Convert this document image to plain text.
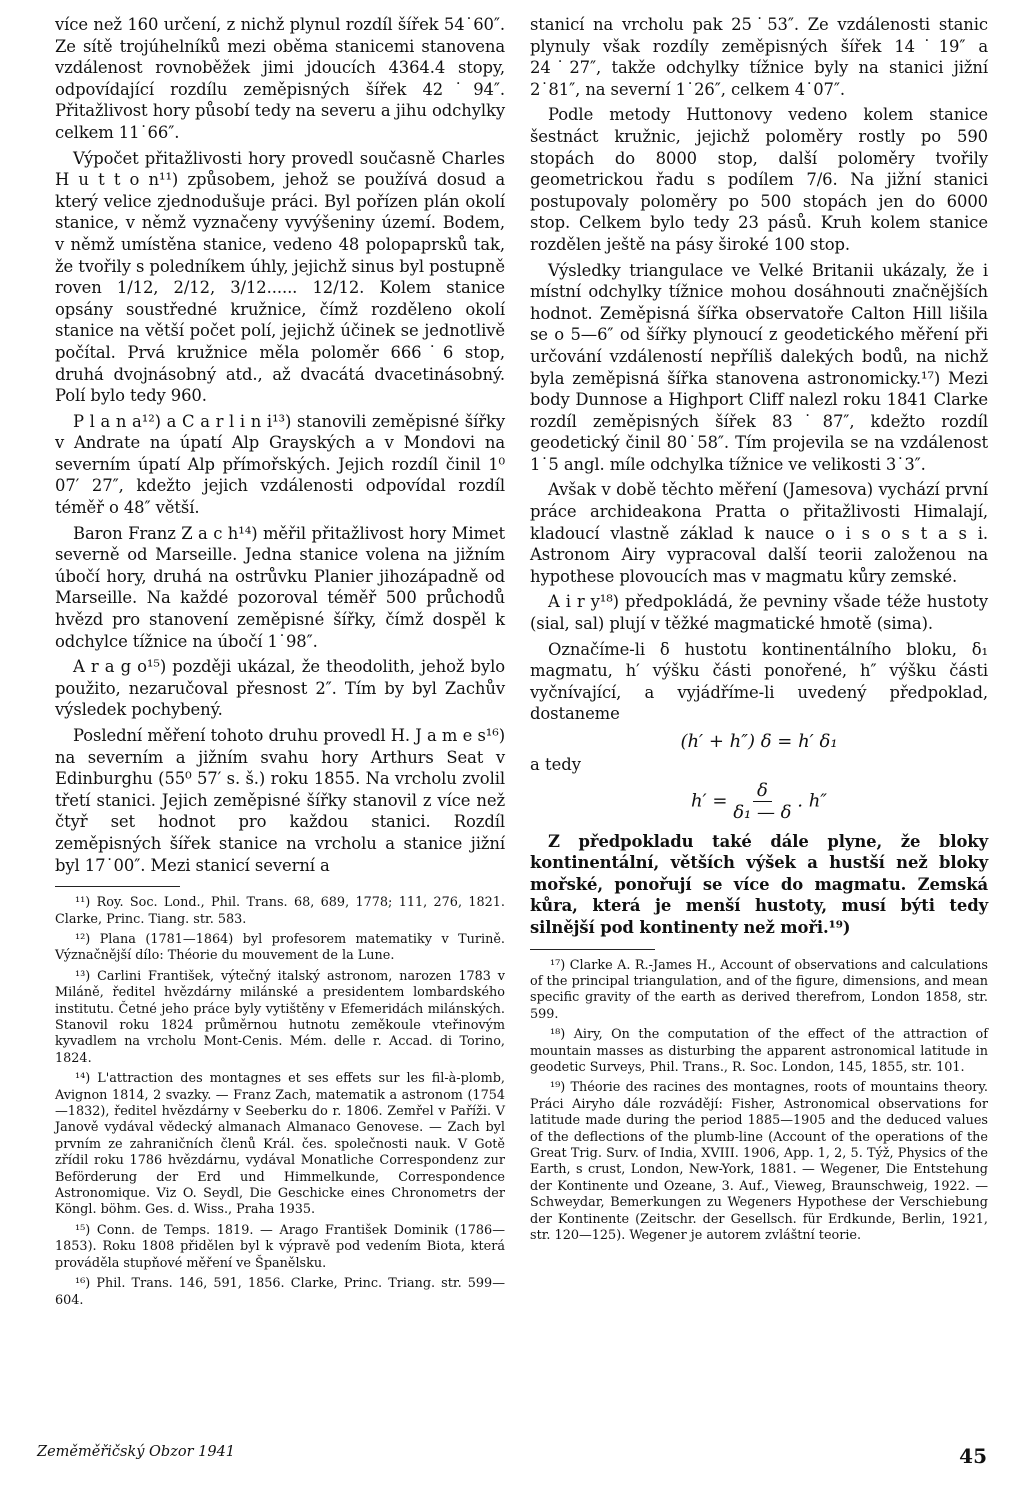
více než 160 určení, z nichž plynul rozdíl šířek 54˙60″. Ze sítě trojúhelníků mezi oběma stanicemi stanovena vzdálenost rovnoběžek jimi jdoucích 4364.4 stopy, odpovídající rozdílu zeměpisných šířek 42˙94″. Přitažlivost hory působí tedy na severu a jihu odchylky celkem 11˙66″.

Výpočet přitažlivosti hory provedl současně Charles H u t t o n¹¹) způsobem, jehož se používá dosud a který velice zjednodušuje práci. Byl pořízen plán okolí stanice, v němž vyznačeny vyvýšeniny území. Bodem, v němž umístěna stanice, vedeno 48 polopaprsků tak, že tvořily s poledníkem úhly, jejichž sinus byl postupně roven 1/12, 2/12, 3/12...... 12/12. Kolem stanice opsány soustředné kružnice, čímž rozděleno okolí stanice na větší počet polí, jejichž účinek se jednotlivě počítal. Prvá kružnice měla poloměr 666˙6 stop, druhá dvojnásobný atd., až dvacátá dvacetinásobný. Polí bylo tedy 960.

P l a n a¹²) a C a r l i n i¹³) stanovili zeměpisné šířky v Andrate na úpatí Alp Grayských a v Mondovi na severním úpatí Alp přímořských. Jejich rozdíl činil 1⁰ 07′ 27″, kdežto jejich vzdálenosti odpovídal rozdíl téměř o 48″ větší.

Baron Franz Z a c h¹⁴) měřil přitažlivost hory Mimet severně od Marseille. Jedna stanice volena na jižním úbočí hory, druhá na ostrůvku Planier jihozápadně od Marseille. Na každé pozoroval téměř 500 průchodů hvězd pro stanovení zeměpisné šířky, čímž dospěl k odchylce tížnice na úbočí 1˙98″.

A r a g o¹⁵) později ukázal, že theodolith, jehož bylo použito, nezaručoval přesnost 2″. Tím by byl Zachův výsledek pochybený.

Poslední měření tohoto druhu provedl H. J a m e s¹⁶) na severním a jižním svahu hory Arthurs Seat v Edinburghu (55⁰ 57′ s. š.) roku 1855. Na vrcholu zvolil třetí stanici. Jejich zeměpisné šířky stanovil z více než čtyř set hodnot pro každou stanici. Rozdíl zeměpisných šířek stanice na vrcholu a stanice jižní byl 17˙00″. Mezi stanicí severní a

¹¹) Roy. Soc. Lond., Phil. Trans. 68, 689, 1778; 111, 276, 1821. Clarke, Princ. Tiang. str. 583.

¹²) Plana (1781—1864) byl profesorem matematiky v Turině. Význačnější dílo: Théorie du mouvement de la Lune.

¹³) Carlini František, výtečný italský astronom, narozen 1783 v Miláně, ředitel hvězdárny milánské a presidentem lombardského institutu. Četné jeho práce byly vytištěny v Efemeridách milánských. Stanovil roku 1824 průměrnou hutnotu zeměkoule vteřinovým kyvadlem na vrcholu Mont-Cenis. Mém. delle r. Accad. di Torino, 1824.

¹⁴) L'attraction des montagnes et ses effets sur les fil-à-plomb, Avignon 1814, 2 svazky. — Franz Zach, matematik a astronom (1754—1832), ředitel hvězdárny v Seeberku do r. 1806. Zemřel v Paříži. V Janově vydával vědecký almanach Almanaco Genovese. — Zach byl prvním ze zahraničních členů Král. čes. společnosti nauk. V Gotě zřídil roku 1786 hvězdárnu, vydával Monatliche Correspondenz zur Beförderung der Erd und Himmelkunde, Correspondence Astronomique. Viz O. Seydl, Die Geschicke eines Chronometrs der Köngl. böhm. Ges. d. Wiss., Praha 1935.

¹⁵) Conn. de Temps. 1819. — Arago František Dominik (1786—1853). Roku 1808 přidělen byl k výpravě pod vedením Biota, která prováděla stupňové měření ve Španělsku.

¹⁶) Phil. Trans. 146, 591, 1856. Clarke, Princ. Triang. str. 599—604.

stanicí na vrcholu pak 25˙53″. Ze vzdálenosti stanic plynuly však rozdíly zeměpisných šířek 14˙19″ a 24˙27″, takže odchylky tížnice byly na stanici jižní 2˙81″, na severní 1˙26″, celkem 4˙07″.

Podle metody Huttonovy vedeno kolem stanice šestnáct kružnic, jejichž poloměry rostly po 590 stopách do 8000 stop, další poloměry tvořily geometrickou řadu s podílem 7/6. Na jižní stanici postupovaly poloměry po 500 stopách jen do 6000 stop. Celkem bylo tedy 23 pásů. Kruh kolem stanice rozdělen ještě na pásy široké 100 stop.

Výsledky triangulace ve Velké Britanii ukázaly, že i místní odchylky tížnice mohou dosáhnouti značnějších hodnot. Zeměpisná šířka observatoře Calton Hill lišila se o 5—6″ od šířky plynoucí z geodetického měření při určování vzdáleností nepříliš dalekých bodů, na nichž byla zeměpisná šířka stanovena astronomicky.¹⁷) Mezi body Dunnose a Highport Cliff nalezl roku 1841 Clarke rozdíl zeměpisných šířek 83˙87″, kdežto rozdíl geodetický činil 80˙58″. Tím projevila se na vzdálenost 1˙5 angl. míle odchylka tížnice ve velikosti 3˙3″.

Avšak v době těchto měření (Jamesova) vychází první práce archideakona Pratta o přitažlivosti Himalají, kladoucí vlastně základ k nauce o i s o s t a s i. Astronom Airy vypracoval další teorii založenou na hypothese plovoucích mas v magmatu kůry zemské.

A i r y¹⁸) předpokládá, že pevniny všade téže hustoty (sial, sal) plují v těžké magmatické hmotě (sima).

Označíme-li δ hustotu kontinentálního bloku, δ₁ magmatu, h′ výšku části ponořené, h″ výšku části vyčnívající, a vyjádříme-li uvedený předpoklad, dostaneme

(h′ + h″) δ = h′ δ₁
a tedy
$h' = \frac{\delta}{\text{δ₁ — δ}}$ . h″

Z předpokladu také dále plyne, že bloky kontinentální, větších výšek a hustší než bloky mořské, ponořují se více do magmatu. Zemská kůra, která je menší hustoty, musí býti tedy silnější pod kontinenty než moři.¹⁹)

¹⁷) Clarke A. R.-James H., Account of observations and calculations of the principal triangulation, and of the figure, dimensions, and mean specific gravity of the earth as derived therefrom, London 1858, str. 599.

¹⁸) Airy, On the computation of the effect of the attraction of mountain masses as disturbing the apparent astronomical latitude in geodetic Surveys, Phil. Trans., R. Soc. London, 145, 1855, str. 101.

¹⁹) Théorie des racines des montagnes, roots of mountains theory. Práci Airyho dále rozvádějí: Fisher, Astronomical observations for latitude made during the period 1885—1905 and the deduced values of the deflections of the plumb-line (Account of the operations of the Great Trig. Surv. of India, XVIII. 1906, App. 1, 2, 5. Týž, Physics of the Earth, s crust, London, New-York, 1881. — Wegener, Die Entstehung der Kontinente und Ozeane, 3. Auf., Vieweg, Braunschweig, 1922. — Schweydar, Bemerkungen zu Wegeners Hypothese der Verschiebung der Kontinente (Zeitschr. der Gesellsch. für Erdkunde, Berlin, 1921, str. 120—125). Wegener je autorem zvláštní teorie.

Zeměměřičský Obzor 1941	45
